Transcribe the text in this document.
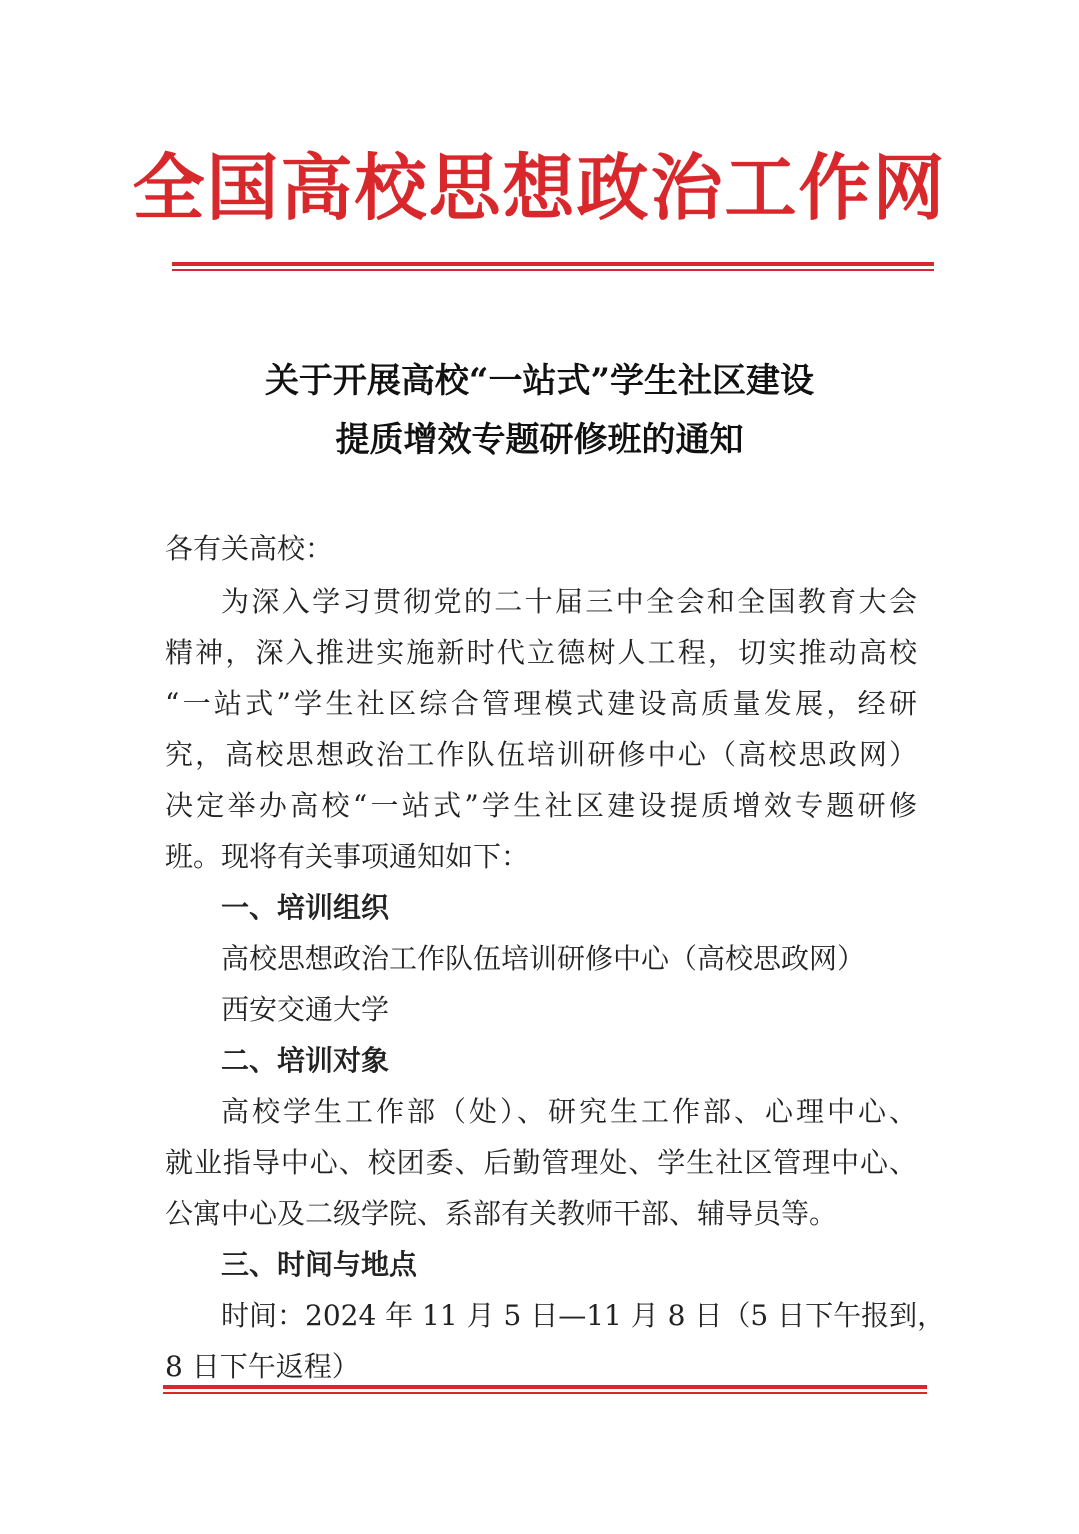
全国高校思想政治工作网
关于开展高校“一站式”学生社区建设
提质增效专题研修班的通知
各有关高校：
为深入学习贯彻党的二十届三中全会和全国教育大会
精神，深入推进实施新时代立德树人工程，切实推动高校
“一站式”学生社区综合管理模式建设高质量发展，经研
究，高校思想政治工作队伍培训研修中心（高校思政网）
决定举办高校“一站式”学生社区建设提质增效专题研修
班。现将有关事项通知如下：
一、培训组织
高校思想政治工作队伍培训研修中心（高校思政网）
西安交通大学
二、培训对象
高校学生工作部（处）、研究生工作部、心理中心、
就业指导中心、校团委、后勤管理处、学生社区管理中心、
公寓中心及二级学院、系部有关教师干部、辅导员等。
三、时间与地点
时间：2024 年 11 月 5 日—11 月 8 日（5 日下午报到，
8 日下午返程）
